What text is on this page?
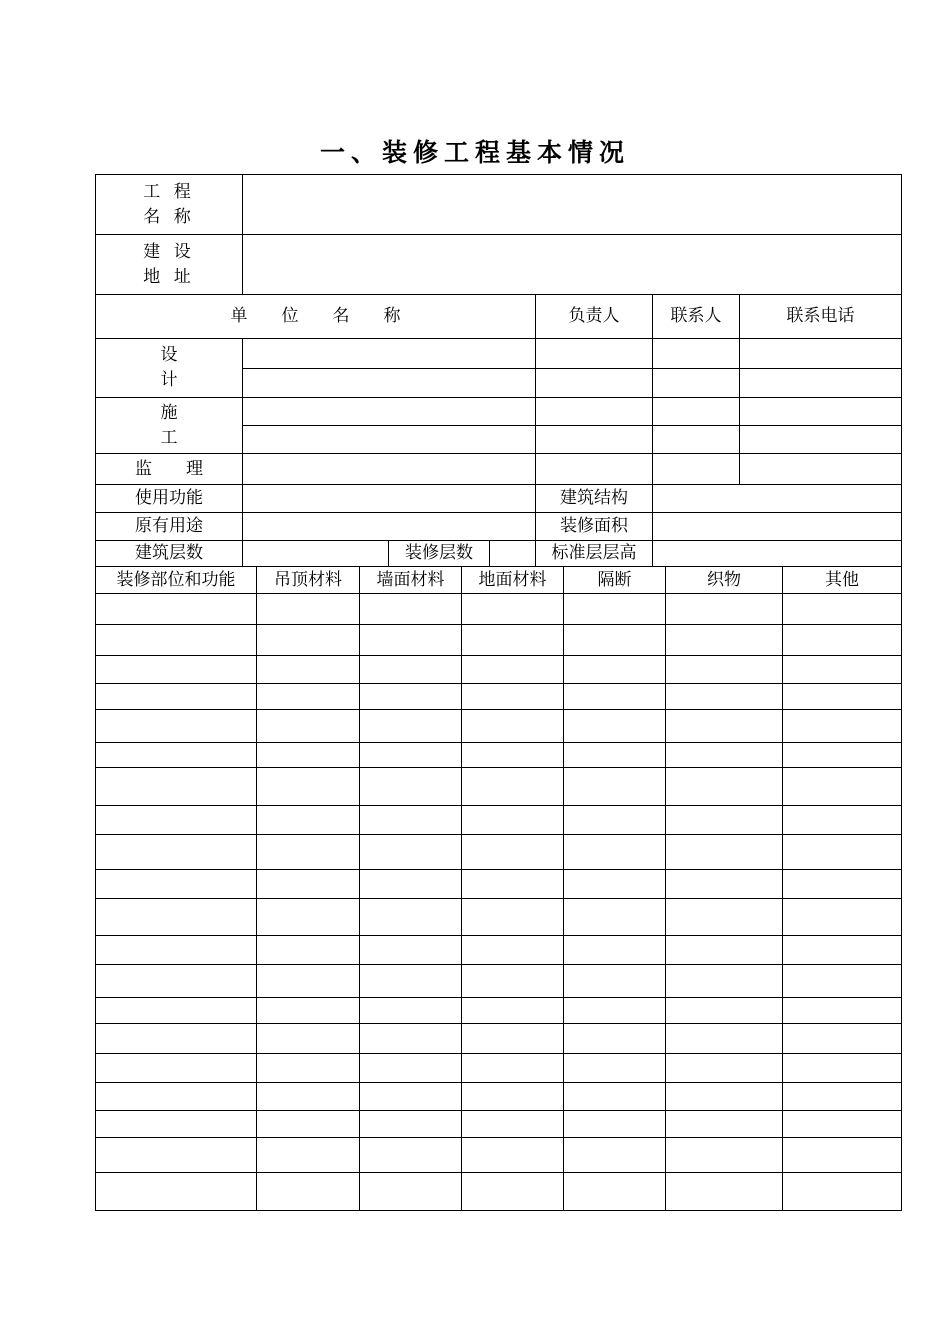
一、装修工程基本情况
工 程
名 称					

建 设
地 址					

单 位 名 称			负责人	联系人	联系电话

设
计					

施
工					

监 理					
使用功能			建筑结构		
原有用途			装修面积		
建筑层数		装修层数	标准层层高		
装修部位和功能	吊顶材料	墙面材料	地面材料	隔断	织物	其他
